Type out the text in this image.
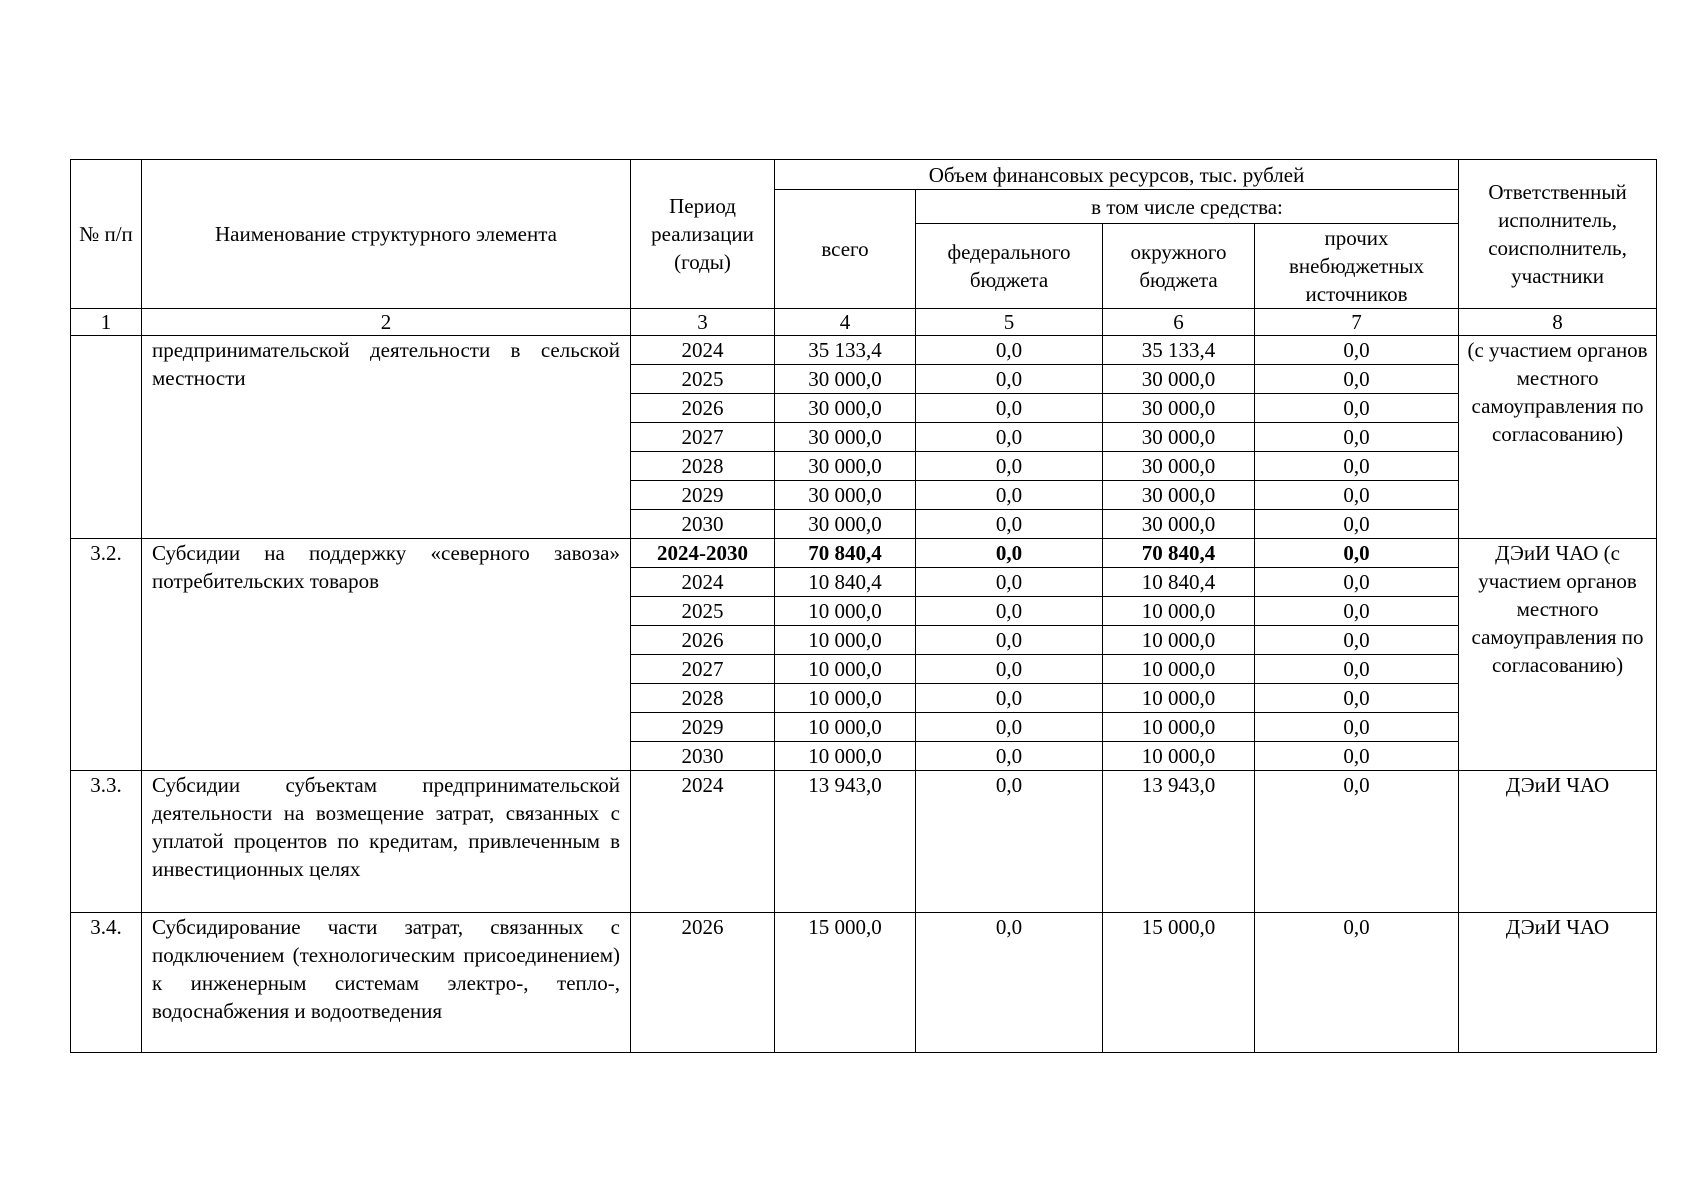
№ п/п	Наименование структурного элемента	Период реализации (годы)	Объем финансовых ресурсов, тыс. рублей				Ответственный исполнитель, соисполнитель, участники
			всего	в том числе средства:			
				федерального бюджета	окружного бюджета	прочих внебюджетных источников	
1	2	3	4	5	6	7	8
	предпринимательской деятельности в сельской местности	2024	35 133,4	0,0	35 133,4	0,0	(с участием органов местного самоуправления по согласованию)
		2025	30 000,0	0,0	30 000,0	0,0	
		2026	30 000,0	0,0	30 000,0	0,0	
		2027	30 000,0	0,0	30 000,0	0,0	
		2028	30 000,0	0,0	30 000,0	0,0	
		2029	30 000,0	0,0	30 000,0	0,0	
		2030	30 000,0	0,0	30 000,0	0,0	
3.2.	Субсидии на поддержку «северного завоза» потребительских товаров	2024-2030	70 840,4	0,0	70 840,4	0,0	ДЭиИ ЧАО (с участием органов местного самоуправления по согласованию)
		2024	10 840,4	0,0	10 840,4	0,0	
		2025	10 000,0	0,0	10 000,0	0,0	
		2026	10 000,0	0,0	10 000,0	0,0	
		2027	10 000,0	0,0	10 000,0	0,0	
		2028	10 000,0	0,0	10 000,0	0,0	
		2029	10 000,0	0,0	10 000,0	0,0	
		2030	10 000,0	0,0	10 000,0	0,0	
3.3.	Субсидии субъектам предпринимательской деятельности на возмещение затрат, связанных с уплатой процентов по кредитам, привлеченным в инвестиционных целях	2024	13 943,0	0,0	13 943,0	0,0	ДЭиИ ЧАО
3.4.	Субсидирование части затрат, связанных с подключением (технологическим присоединением) к инженерным системам электро-, тепло-, водоснабжения и водоотведения	2026	15 000,0	0,0	15 000,0	0,0	ДЭиИ ЧАО
